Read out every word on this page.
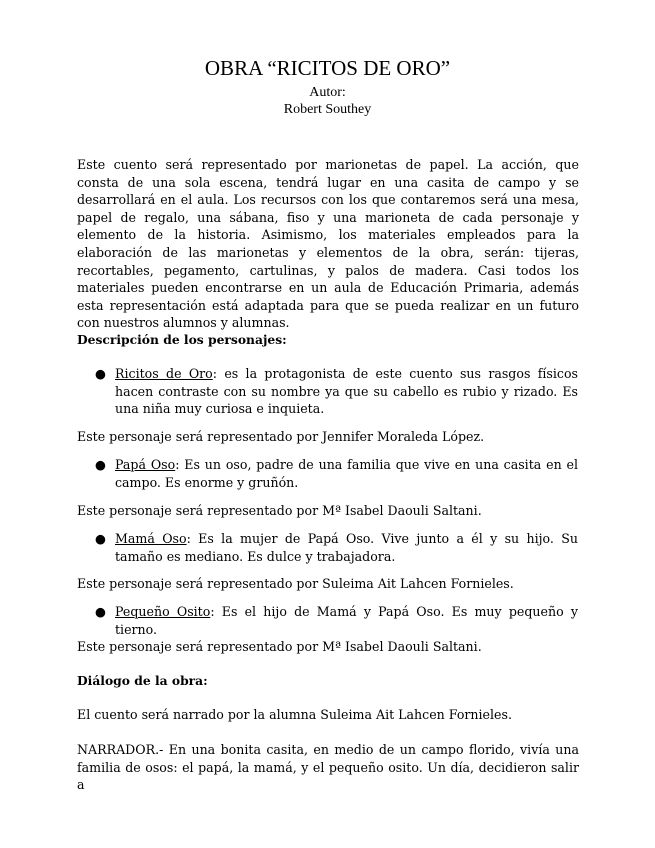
OBRA “RICITOS DE ORO”
Autor:
Robert Southey
Este cuento será representado por marionetas de papel. La acción, que consta de una sola escena, tendrá lugar en una casita de campo y se desarrollará en el aula. Los recursos con los que contaremos será una mesa, papel de regalo, una sábana, fiso y una marioneta de cada personaje y elemento de la historia. Asimismo, los materiales empleados para la elaboración de las marionetas y elementos de la obra, serán: tijeras, recortables, pegamento, cartulinas, y palos de madera. Casi todos los materiales pueden encontrarse en un aula de Educación Primaria, además esta representación está adaptada para que se pueda realizar en un futuro con nuestros alumnos y alumnas.
Descripción de los personajes:
● Ricitos de Oro: es la protagonista de este cuento sus rasgos físicos hacen contraste con su nombre ya que su cabello es rubio y rizado. Es una niña muy curiosa e inquieta.
Este personaje será representado por Jennifer Moraleda López.
● Papá Oso: Es un oso, padre de una familia que vive en una casita en el campo. Es enorme y gruñón.
Este personaje será representado por Mª Isabel Daouli Saltani.
● Mamá Oso: Es la mujer de Papá Oso. Vive junto a él y su hijo. Su tamaño es mediano. Es dulce y trabajadora.
Este personaje será representado por Suleima Ait Lahcen Fornieles.
● Pequeño Osito: Es el hijo de Mamá y Papá Oso. Es muy pequeño y tierno.
Este personaje será representado por Mª Isabel Daouli Saltani.
Diálogo de la obra:
El cuento será narrado por la alumna Suleima Ait Lahcen Fornieles.
NARRADOR.- En una bonita casita, en medio de un campo florido, vivía una familia de osos: el papá, la mamá, y el pequeño osito. Un día, decidieron salir a
